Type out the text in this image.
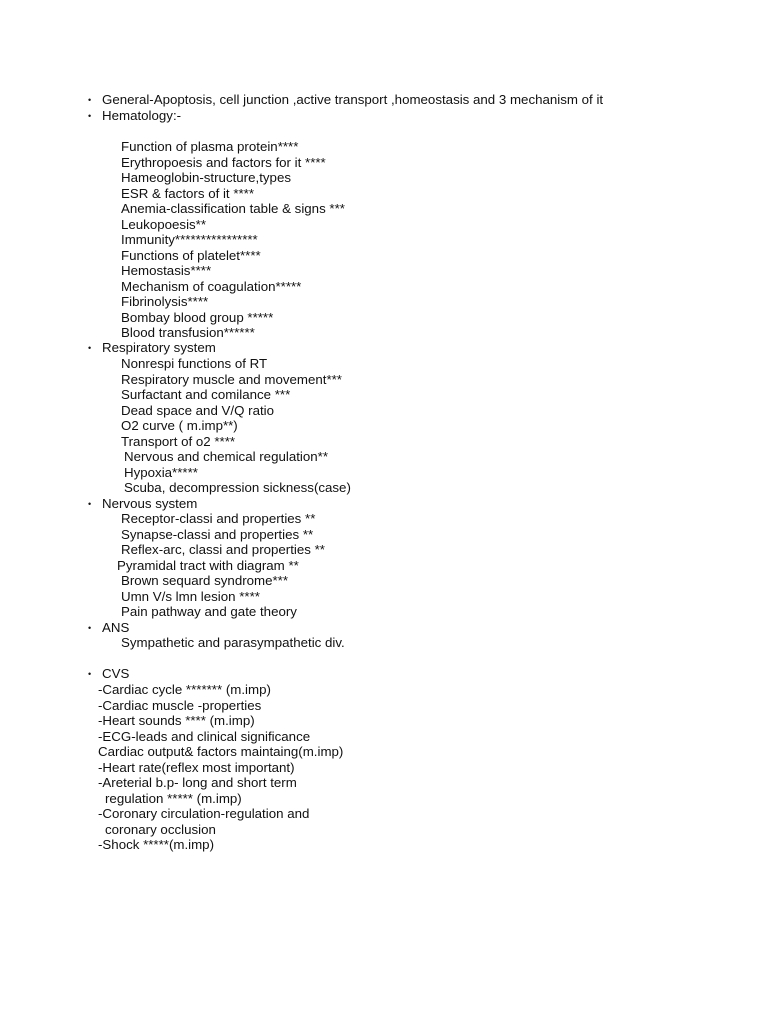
• General-Apoptosis, cell junction ,active transport ,homeostasis and 3 mechanism of it
• Hematology:-
Function of plasma protein****
Erythropoesis and factors for it ****
Hameoglobin-structure,types
ESR & factors of it ****
Anemia-classification table & signs ***
Leukopoesis**
Immunity****************
Functions of platelet****
Hemostasis****
Mechanism of coagulation*****
Fibrinolysis****
Bombay blood group *****
Blood transfusion******
• Respiratory system
Nonrespi functions of RT
Respiratory muscle and movement***
Surfactant and comilance ***
Dead space and V/Q ratio
O2 curve ( m.imp**)
Transport of o2 ****
Nervous and chemical regulation**
Hypoxia*****
Scuba, decompression sickness(case)
• Nervous system
Receptor-classi and properties **
Synapse-classi and properties **
Reflex-arc, classi and properties **
Pyramidal tract with diagram **
Brown sequard syndrome***
Umn V/s lmn lesion ****
Pain pathway and gate theory
• ANS
Sympathetic and parasympathetic div.
• CVS
-Cardiac cycle ******* (m.imp)
-Cardiac muscle -properties
-Heart sounds **** (m.imp)
-ECG-leads and clinical significance
Cardiac output& factors maintaing(m.imp)
-Heart rate(reflex most important)
-Areterial b.p- long and short term
regulation ***** (m.imp)
-Coronary circulation-regulation and
coronary occlusion
-Shock *****(m.imp)
